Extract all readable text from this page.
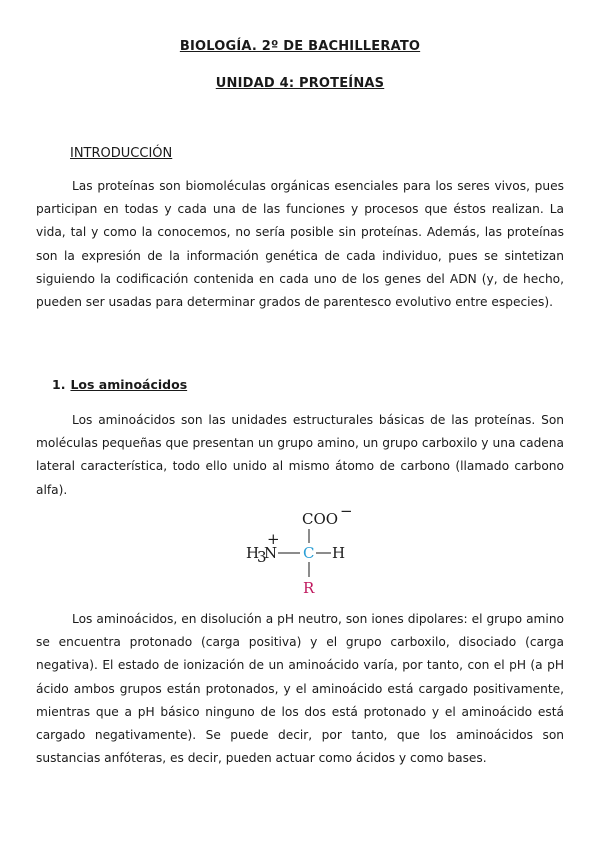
BIOLOGÍA. 2º DE BACHILLERATO
UNIDAD 4: PROTEÍNAS
INTRODUCCIÓN

Las proteínas son biomoléculas orgánicas esenciales para los seres vivos, pues participan en todas y cada una de las funciones y procesos que éstos realizan. La vida, tal y como la conocemos, no sería posible sin proteínas. Además, las proteínas son la expresión de la información genética de cada individuo, pues se sintetizan siguiendo la codificación contenida en cada uno de los genes del ADN (y, de hecho, pueden ser usadas para determinar grados de parentesco evolutivo entre especies).

1. Los aminoácidos

Los aminoácidos son las unidades estructurales básicas de las proteínas. Son moléculas pequeñas que presentan un grupo amino, un grupo carboxilo y una cadena lateral característica, todo ello unido al mismo átomo de carbono (llamado carbono alfa).

COO −
H
3
N
+
C H
R

Los aminoácidos, en disolución a pH neutro, son iones dipolares: el grupo amino se encuentra protonado (carga positiva) y el grupo carboxilo, disociado (carga negativa). El estado de ionización de un aminoácido varía, por tanto, con el pH (a pH ácido ambos grupos están protonados, y el aminoácido está cargado positivamente, mientras que a pH básico ninguno de los dos está protonado y el aminoácido está cargado negativamente). Se puede decir, por tanto, que los aminoácidos son sustancias anfóteras, es decir, pueden actuar como ácidos y como bases.
